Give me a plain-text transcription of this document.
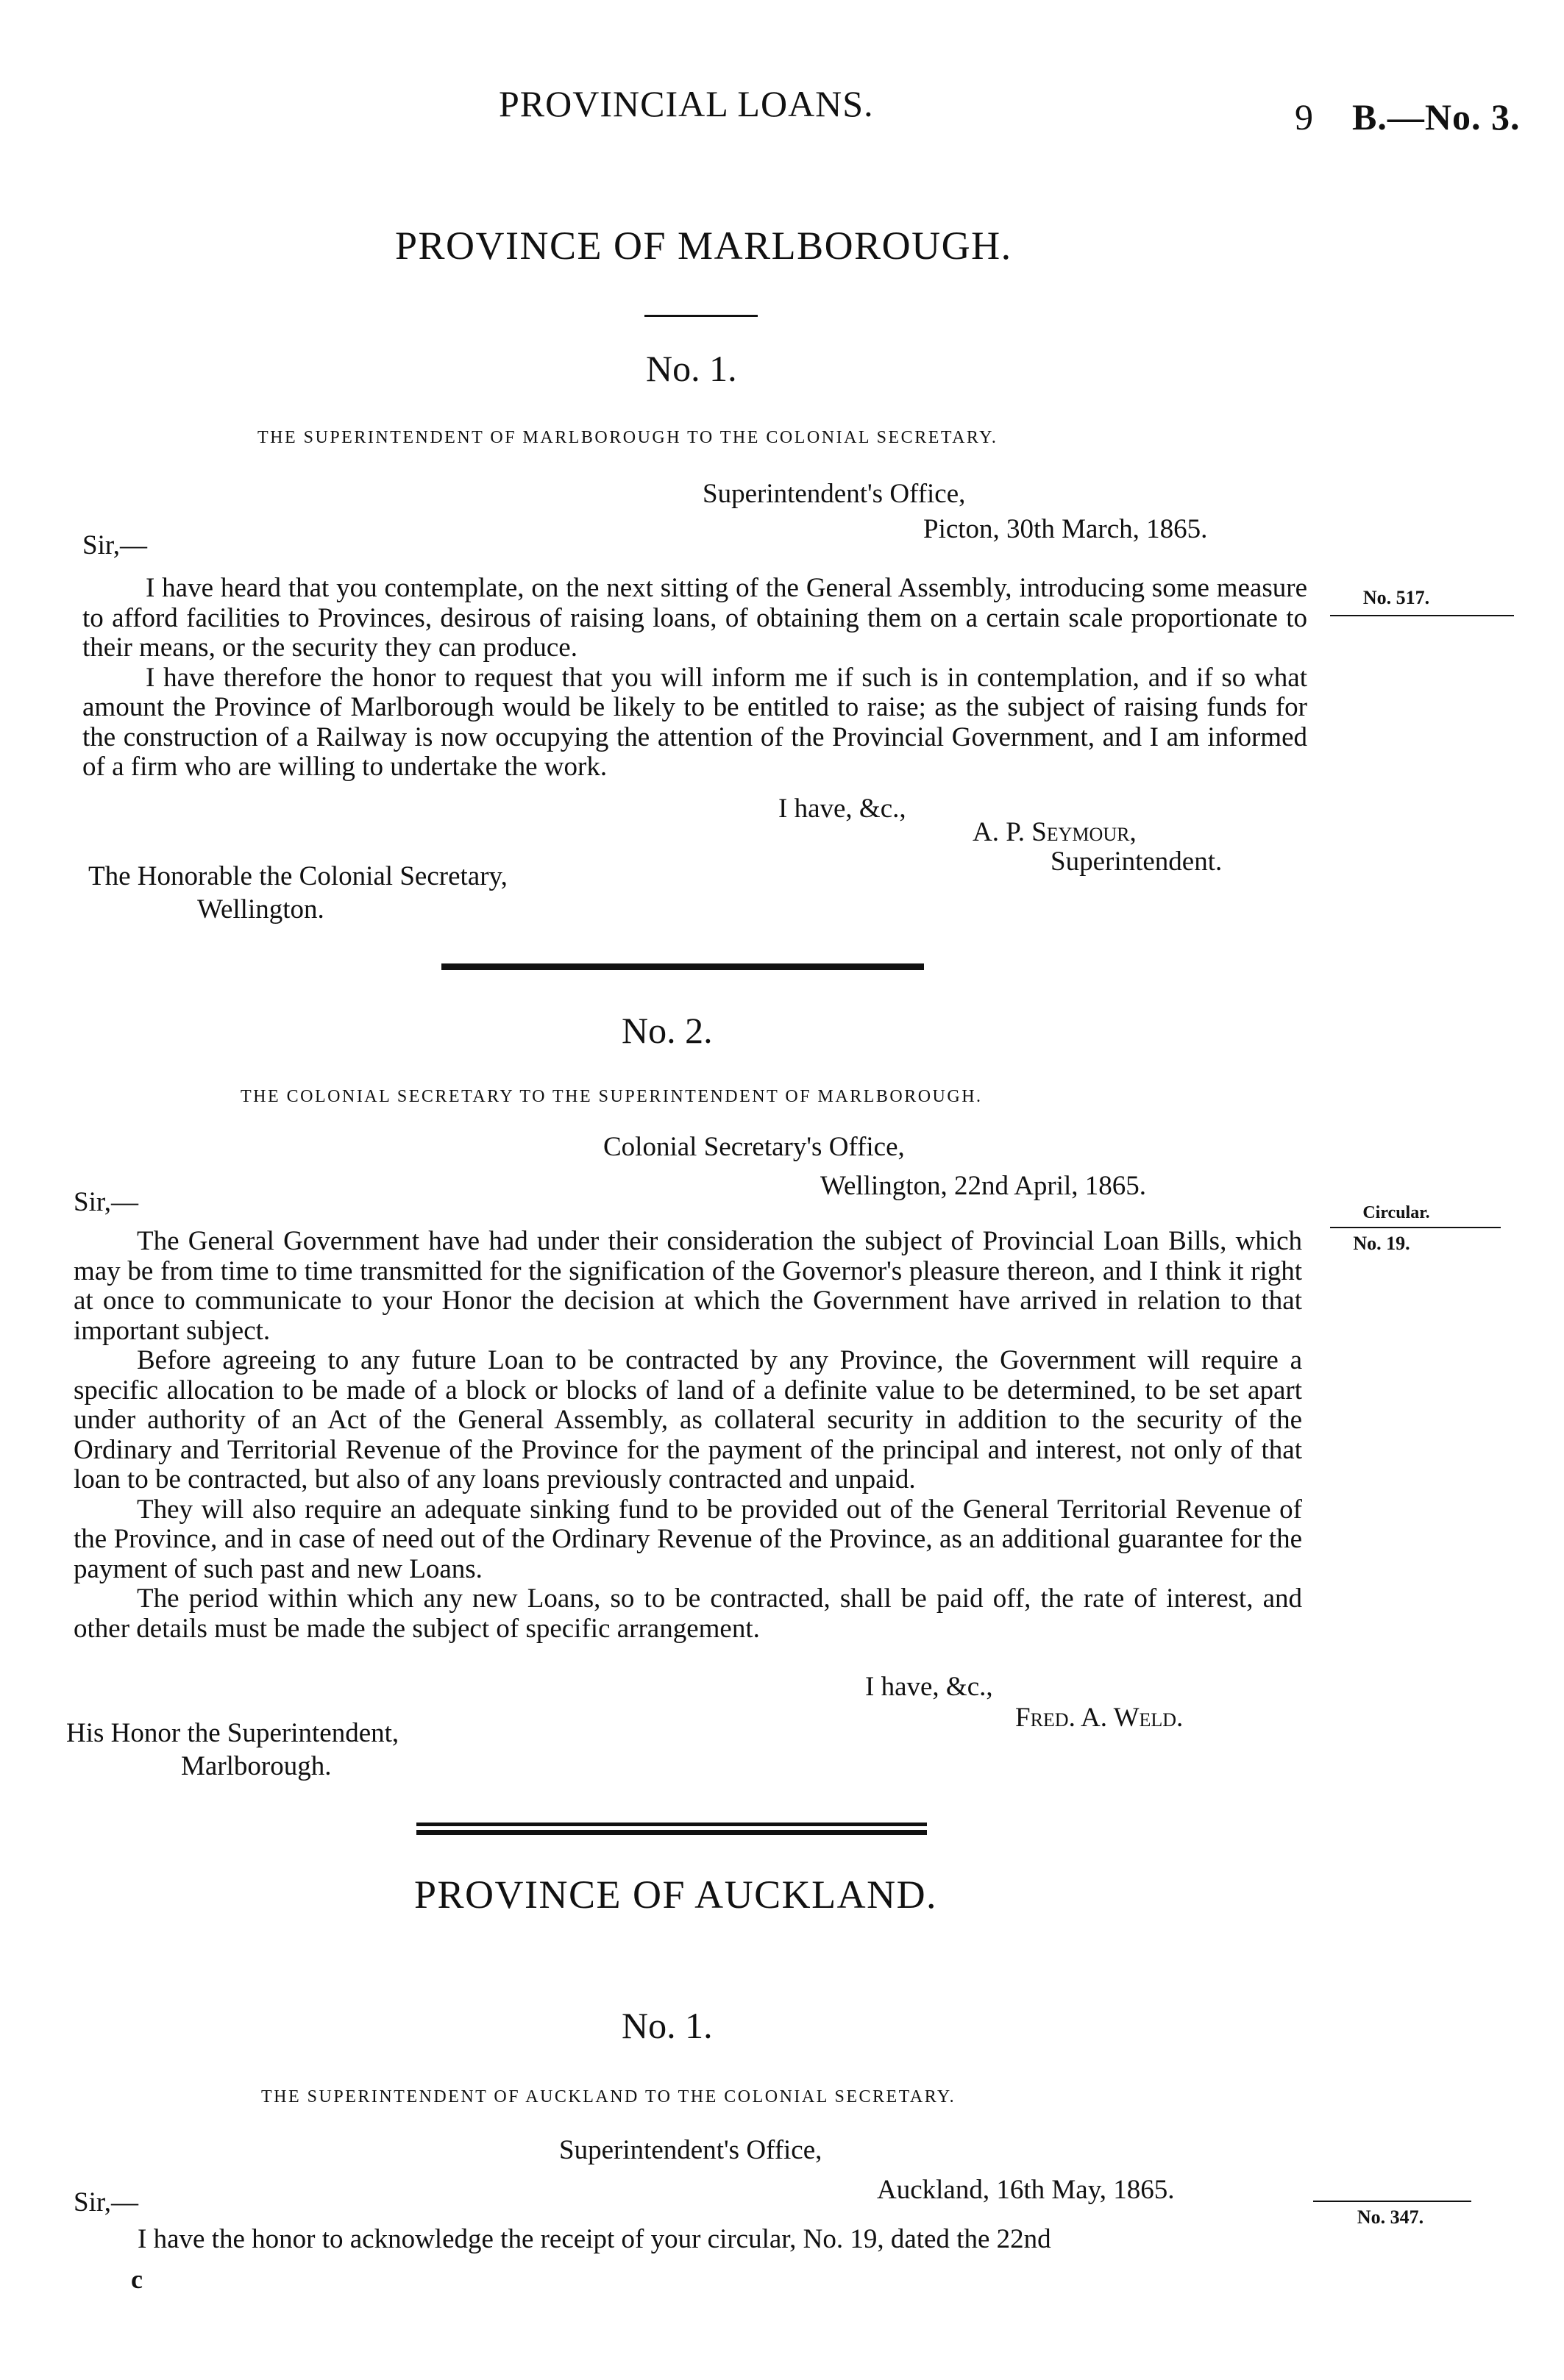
PROVINCIAL LOANS.	9 B.—No. 3.
PROVINCE OF MARLBOROUGH.
No. 1.
THE SUPERINTENDENT OF MARLBOROUGH TO THE COLONIAL SECRETARY.
Superintendent's Office,
Picton, 30th March, 1865.
Sir,—
No. 517.

I have heard that you contemplate, on the next sitting of the General Assembly, introducing some measure to afford facilities to Provinces, desirous of raising loans, of obtaining them on a certain scale proportionate to their means, or the security they can produce.

I have therefore the honor to request that you will inform me if such is in contemplation, and if so what amount the Province of Marlborough would be likely to be entitled to raise; as the subject of raising funds for the construction of a Railway is now occupying the attention of the Provincial Government, and I am informed of a firm who are willing to undertake the work.

I have, &c.,
A. P. Seymour,
Superintendent.
The Honorable the Colonial Secretary,
Wellington.
No. 2.
THE COLONIAL SECRETARY TO THE SUPERINTENDENT OF MARLBOROUGH.
Colonial Secretary's Office,
Wellington, 22nd April, 1865.
Sir,—	Circular.
No. 19.

The General Government have had under their consideration the subject of Provincial Loan Bills, which may be from time to time transmitted for the signification of the Governor's pleasure thereon, and I think it right at once to communicate to your Honor the decision at which the Government have arrived in relation to that important subject.

Before agreeing to any future Loan to be contracted by any Province, the Government will require a specific allocation to be made of a block or blocks of land of a definite value to be determined, to be set apart under authority of an Act of the General Assembly, as collateral security in addition to the security of the Ordinary and Territorial Revenue of the Province for the payment of the principal and interest, not only of that loan to be contracted, but also of any loans previously contracted and unpaid.

They will also require an adequate sinking fund to be provided out of the General Territorial Revenue of the Province, and in case of need out of the Ordinary Revenue of the Province, as an additional guarantee for the payment of such past and new Loans.

The period within which any new Loans, so to be contracted, shall be paid off, the rate of interest, and other details must be made the subject of specific arrangement.

I have, &c.,
Fred. A. Weld.
His Honor the Superintendent,
Marlborough.
PROVINCE OF AUCKLAND.
No. 1.
THE SUPERINTENDENT OF AUCKLAND TO THE COLONIAL SECRETARY.
Superintendent's Office,
Auckland, 16th May, 1865.
Sir,—	No. 347.
I have the honor to acknowledge the receipt of your circular, No. 19, dated the 22nd
c
